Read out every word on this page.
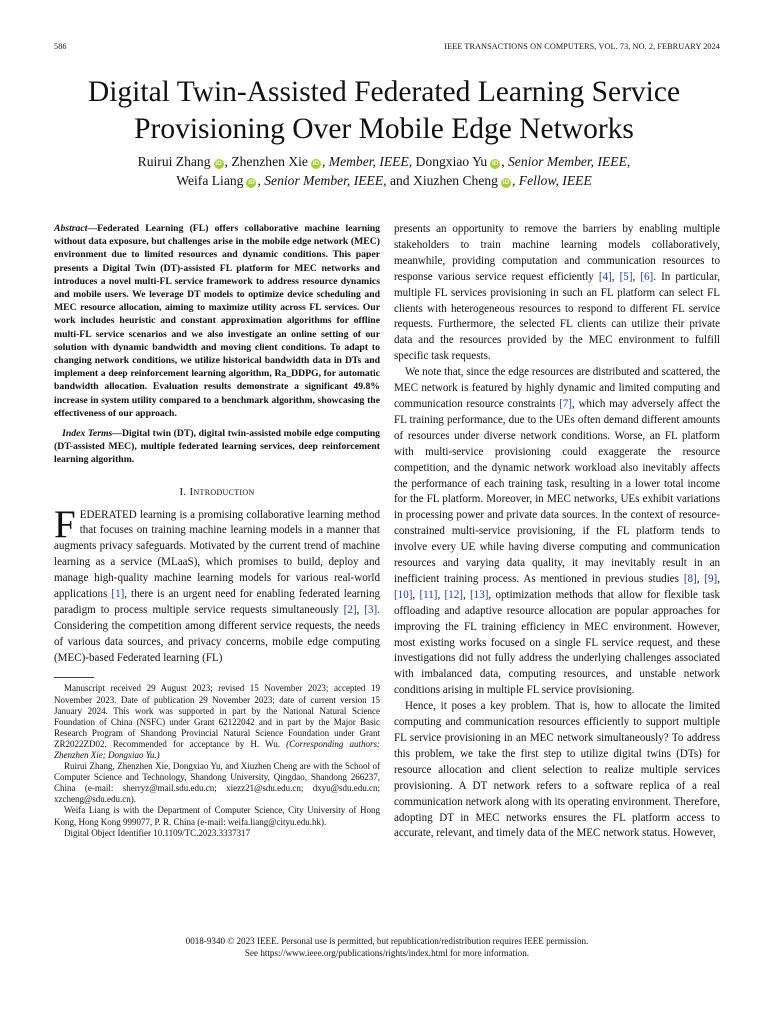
586	IEEE TRANSACTIONS ON COMPUTERS, VOL. 73, NO. 2, FEBRUARY 2024
Digital Twin-Assisted Federated Learning Service
Provisioning Over Mobile Edge Networks
Ruirui Zhang iD , Zhenzhen Xie iD , Member, IEEE, Dongxiao Yu iD , Senior Member, IEEE,
Weifa Liang iD , Senior Member, IEEE, and Xiuzhen Cheng iD , Fellow, IEEE

Abstract—Federated Learning (FL) offers collaborative machine learning without data exposure, but challenges arise in the mobile edge network (MEC) environment due to limited resources and dynamic conditions. This paper presents a Digital Twin (DT)-assisted FL platform for MEC networks and introduces a novel multi-FL service framework to address resource dynamics and mobile users. We leverage DT models to optimize device scheduling and MEC resource allocation, aiming to maximize utility across FL services. Our work includes heuristic and constant approximation algorithms for offline multi-FL service scenarios and we also investigate an online setting of our solution with dynamic bandwidth and moving client conditions. To adapt to changing network conditions, we utilize historical bandwidth data in DTs and implement a deep reinforcement learning algorithm, Ra_DDPG, for automatic bandwidth allocation. Evaluation results demonstrate a significant 49.8% increase in system utility compared to a benchmark algorithm, showcasing the effectiveness of our approach.

Index Terms—Digital twin (DT), digital twin-assisted mobile edge computing (DT-assisted MEC), multiple federated learning services, deep reinforcement learning algorithm.

I. Introduction

FEDERATED learning is a promising collaborative learning method that focuses on training machine learning models in a manner that augments privacy safeguards. Motivated by the current trend of machine learning as a service (MLaaS), which promises to build, deploy and manage high-quality machine learning models for various real-world applications [1], there is an urgent need for enabling federated learning paradigm to process multiple service requests simultaneously [2], [3]. Considering the competition among different service requests, the needs of various data sources, and privacy concerns, mobile edge computing (MEC)-based Federated learning (FL)

Manuscript received 29 August 2023; revised 15 November 2023; accepted 19 November 2023. Date of publication 29 November 2023; date of current version 15 January 2024. This work was supported in part by the National Natural Science Foundation of China (NSFC) under Grant 62122042 and in part by the Major Basic Research Program of Shandong Provincial Natural Science Foundation under Grant ZR2022ZD02. Recommended for acceptance by H. Wu. (Corresponding authors: Zhenzhen Xie; Dongxiao Yu.)

Ruirui Zhang, Zhenzhen Xie, Dongxiao Yu, and Xiuzhen Cheng are with the School of Computer Science and Technology, Shandong University, Qingdao, Shandong 266237, China (e-mail: sherryz@mail.sdu.edu.cn; xiezz21@sdu.edu.cn; dxyu@sdu.edu.cn; xzcheng@sdu.edu.cn).

Weifa Liang is with the Department of Computer Science, City University of Hong Kong, Hong Kong 999077, P. R. China (e-mail: weifa.liang@cityu.edu.hk).

Digital Object Identifier 10.1109/TC.2023.3337317

presents an opportunity to remove the barriers by enabling multiple stakeholders to train machine learning models collaboratively, meanwhile, providing computation and communication resources to response various service request efficiently [4], [5], [6]. In particular, multiple FL services provisioning in such an FL platform can select FL clients with heterogeneous resources to respond to different FL service requests. Furthermore, the selected FL clients can utilize their private data and the resources provided by the MEC environment to fulfill specific task requests.

We note that, since the edge resources are distributed and scattered, the MEC network is featured by highly dynamic and limited computing and communication resource constraints [7], which may adversely affect the FL training performance, due to the UEs often demand different amounts of resources under diverse network conditions. Worse, an FL platform with multi-service provisioning could exaggerate the resource competition, and the dynamic network workload also inevitably affects the performance of each training task, resulting in a lower total income for the FL platform. Moreover, in MEC networks, UEs exhibit variations in processing power and private data sources. In the context of resource-constrained multi-service provisioning, if the FL platform tends to involve every UE while having diverse computing and communication resources and varying data quality, it may inevitably result in an inefficient training process. As mentioned in previous studies [8], [9], [10], [11], [12], [13], optimization methods that allow for flexible task offloading and adaptive resource allocation are popular approaches for improving the FL training efficiency in MEC environment. However, most existing works focused on a single FL service request, and these investigations did not fully address the underlying challenges associated with imbalanced data, computing resources, and unstable network conditions arising in multiple FL service provisioning.

Hence, it poses a key problem. That is, how to allocate the limited computing and communication resources efficiently to support multiple FL service provisioning in an MEC network simultaneously? To address this problem, we take the first step to utilize digital twins (DTs) for resource allocation and client selection to realize multiple services provisioning. A DT network refers to a software replica of a real communication network along with its operating environment. Therefore, adopting DT in MEC networks ensures the FL platform access to accurate, relevant, and timely data of the MEC network status. However,

0018-9340 © 2023 IEEE. Personal use is permitted, but republication/redistribution requires IEEE permission.
See https://www.ieee.org/publications/rights/index.html for more information.
